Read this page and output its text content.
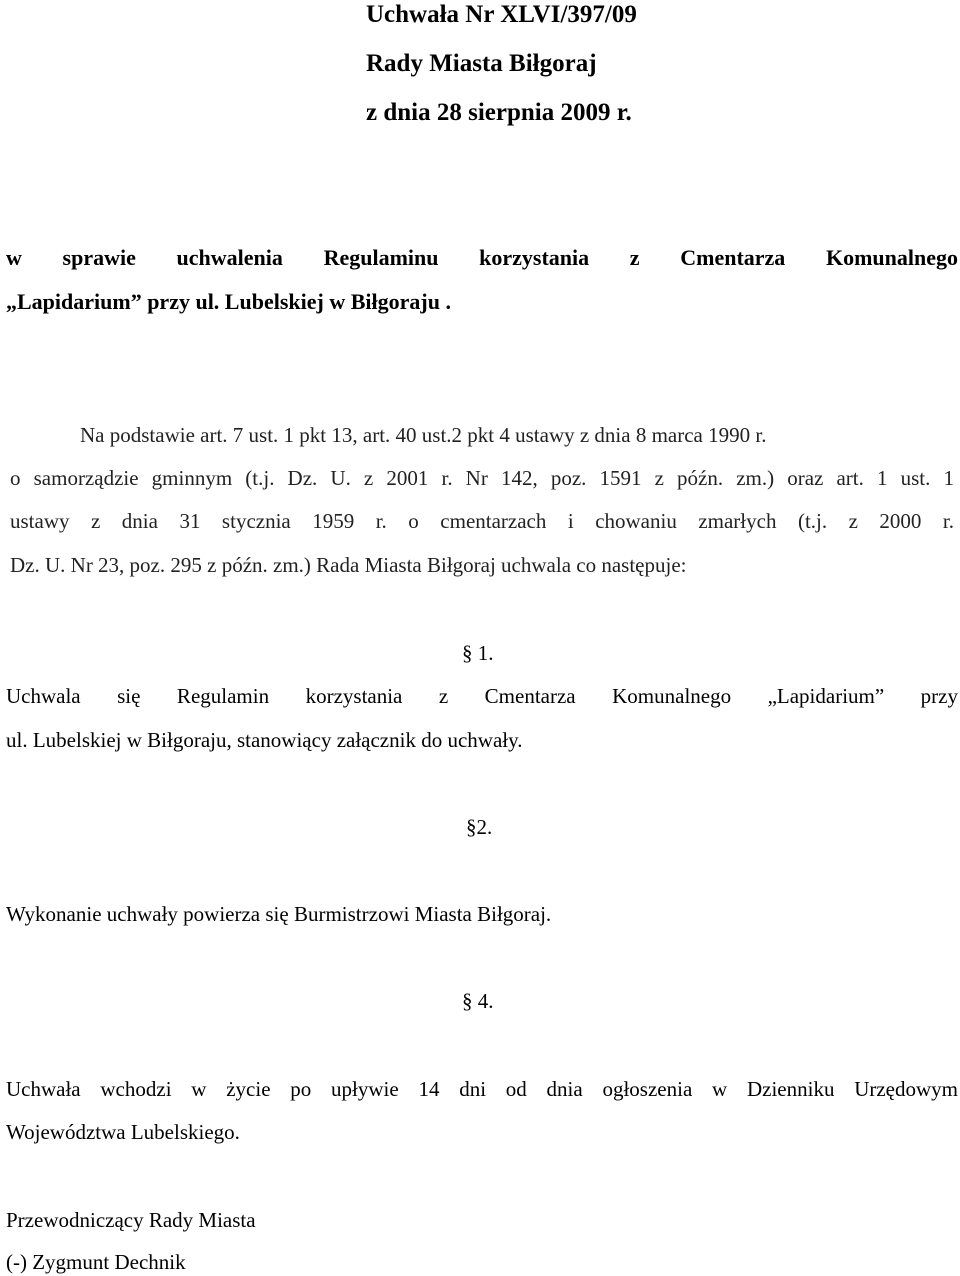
Uchwała Nr XLVI/397/09
Rady Miasta Biłgoraj
z dnia 28 sierpnia 2009 r.
w sprawie uchwalenia Regulaminu korzystania z Cmentarza Komunalnego
„Lapidarium” przy ul. Lubelskiej w Biłgoraju .
Na podstawie art. 7 ust. 1 pkt 13, art. 40 ust.2 pkt 4 ustawy z dnia 8 marca 1990 r.
o samorządzie gminnym (t.j. Dz. U. z 2001 r. Nr 142, poz. 1591 z późn. zm.) oraz art. 1 ust. 1
ustawy z dnia 31 stycznia 1959 r. o cmentarzach i chowaniu zmarłych (t.j. z 2000 r.
Dz. U. Nr 23, poz. 295 z późn. zm.) Rada Miasta Biłgoraj uchwala co następuje:
§ 1.
Uchwala się Regulamin korzystania z Cmentarza Komunalnego „Lapidarium” przy
ul. Lubelskiej w Biłgoraju, stanowiący załącznik do uchwały.
§2.
Wykonanie uchwały powierza się Burmistrzowi Miasta Biłgoraj.
§ 4.
Uchwała wchodzi w życie po upływie 14 dni od dnia ogłoszenia w Dzienniku Urzędowym
Województwa Lubelskiego.
Przewodniczący Rady Miasta
(-) Zygmunt Dechnik
